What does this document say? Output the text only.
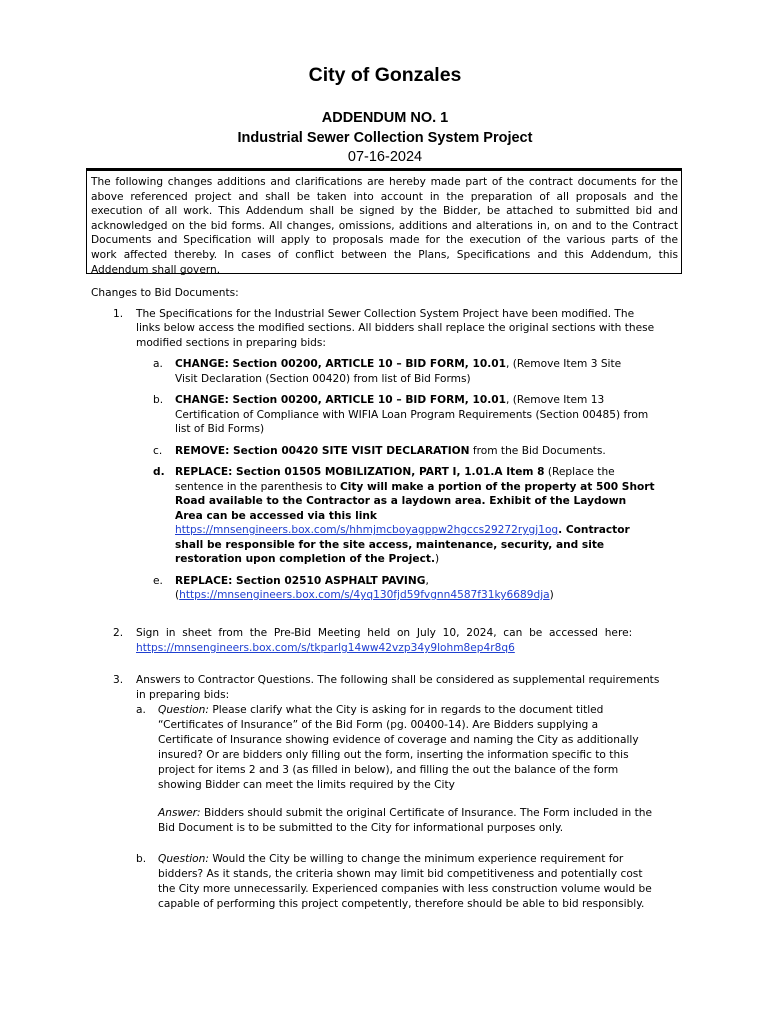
City of Gonzales
ADDENDUM NO. 1
Industrial Sewer Collection System Project
07-16-2024
The following changes additions and clarifications are hereby made part of the contract documents for the
above referenced project and shall be taken into account in the preparation of all proposals and the
execution of all work. This Addendum shall be signed by the Bidder, be attached to submitted bid and
acknowledged on the bid forms. All changes, omissions, additions and alterations in, on and to the Contract
Documents and Specification will apply to proposals made for the execution of the various parts of the
work affected thereby. In cases of conflict between the Plans, Specifications and this Addendum, this
Addendum shall govern.
Changes to Bid Documents:
1. The Specifications for the Industrial Sewer Collection System Project have been modified. The
links below access the modified sections. All bidders shall replace the original sections with these
modified sections in preparing bids:
a. CHANGE: Section 00200, ARTICLE 10 – BID FORM, 10.01, (Remove Item 3 Site
Visit Declaration (Section 00420) from list of Bid Forms)
b. CHANGE: Section 00200, ARTICLE 10 – BID FORM, 10.01, (Remove Item 13
Certification of Compliance with WIFIA Loan Program Requirements (Section 00485) from
list of Bid Forms)
c. REMOVE: Section 00420 SITE VISIT DECLARATION from the Bid Documents.
d. REPLACE: Section 01505 MOBILIZATION, PART I, 1.01.A Item 8 (Replace the
sentence in the parenthesis to City will make a portion of the property at 500 Short
Road available to the Contractor as a laydown area. Exhibit of the Laydown
Area can be accessed via this link
https://mnsengineers.box.com/s/hhmjmcboyagppw2hgccs29272rygj1og. Contractor
shall be responsible for the site access, maintenance, security, and site
restoration upon completion of the Project.)
e. REPLACE: Section 02510 ASPHALT PAVING,
(https://mnsengineers.box.com/s/4yq130fjd59fvgnn4587f31ky6689dja)
2. Sign  in  sheet  from  the  Pre-Bid  Meeting  held  on  July  10,  2024,  can  be  accessed  here:
https://mnsengineers.box.com/s/tkparlg14ww42vzp34y9lohm8ep4r8q6
3. Answers to Contractor Questions. The following shall be considered as supplemental requirements
in preparing bids:
a. Question: Please clarify what the City is asking for in regards to the document titled
“Certificates of Insurance” of the Bid Form (pg. 00400-14). Are Bidders supplying a
Certificate of Insurance showing evidence of coverage and naming the City as additionally
insured? Or are bidders only filling out the form, inserting the information specific to this
project for items 2 and 3 (as filled in below), and filling the out the balance of the form
showing Bidder can meet the limits required by the City
Answer: Bidders should submit the original Certificate of Insurance. The Form included in the
Bid Document is to be submitted to the City for informational purposes only.
b. Question: Would the City be willing to change the minimum experience requirement for
bidders? As it stands, the criteria shown may limit bid competitiveness and potentially cost
the City more unnecessarily. Experienced companies with less construction volume would be
capable of performing this project competently, therefore should be able to bid responsibly.
